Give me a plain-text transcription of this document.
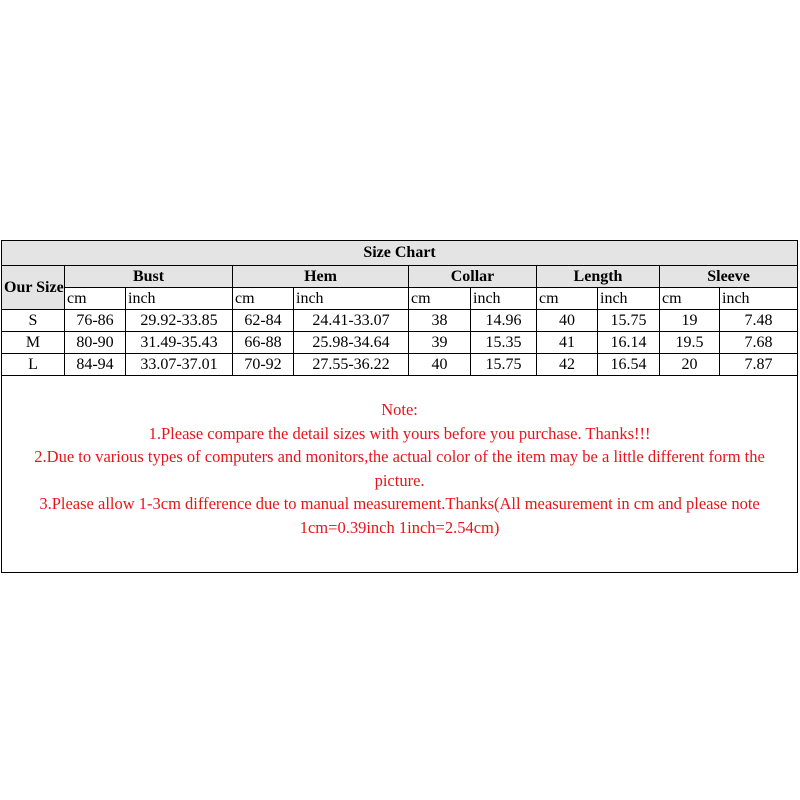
Size Chart										
Our Size	Bust		Hem		Collar		Length		Sleeve	
	cm	inch	cm	inch	cm	inch	cm	inch	cm	inch
S	76-86	29.92-33.85	62-84	24.41-33.07	38	14.96	40	15.75	19	7.48
M	80-90	31.49-35.43	66-88	25.98-34.64	39	15.35	41	16.14	19.5	7.68
L	84-94	33.07-37.01	70-92	27.55-36.22	40	15.75	42	16.54	20	7.87

Note:
1.Please compare the detail sizes with yours before you purchase. Thanks!!!
2.Due to various types of computers and monitors,the actual color of the item may be a little different form the picture.
3.Please allow 1-3cm difference due to manual measurement.Thanks(All measurement in cm and please note 1cm=0.39inch 1inch=2.54cm)										
